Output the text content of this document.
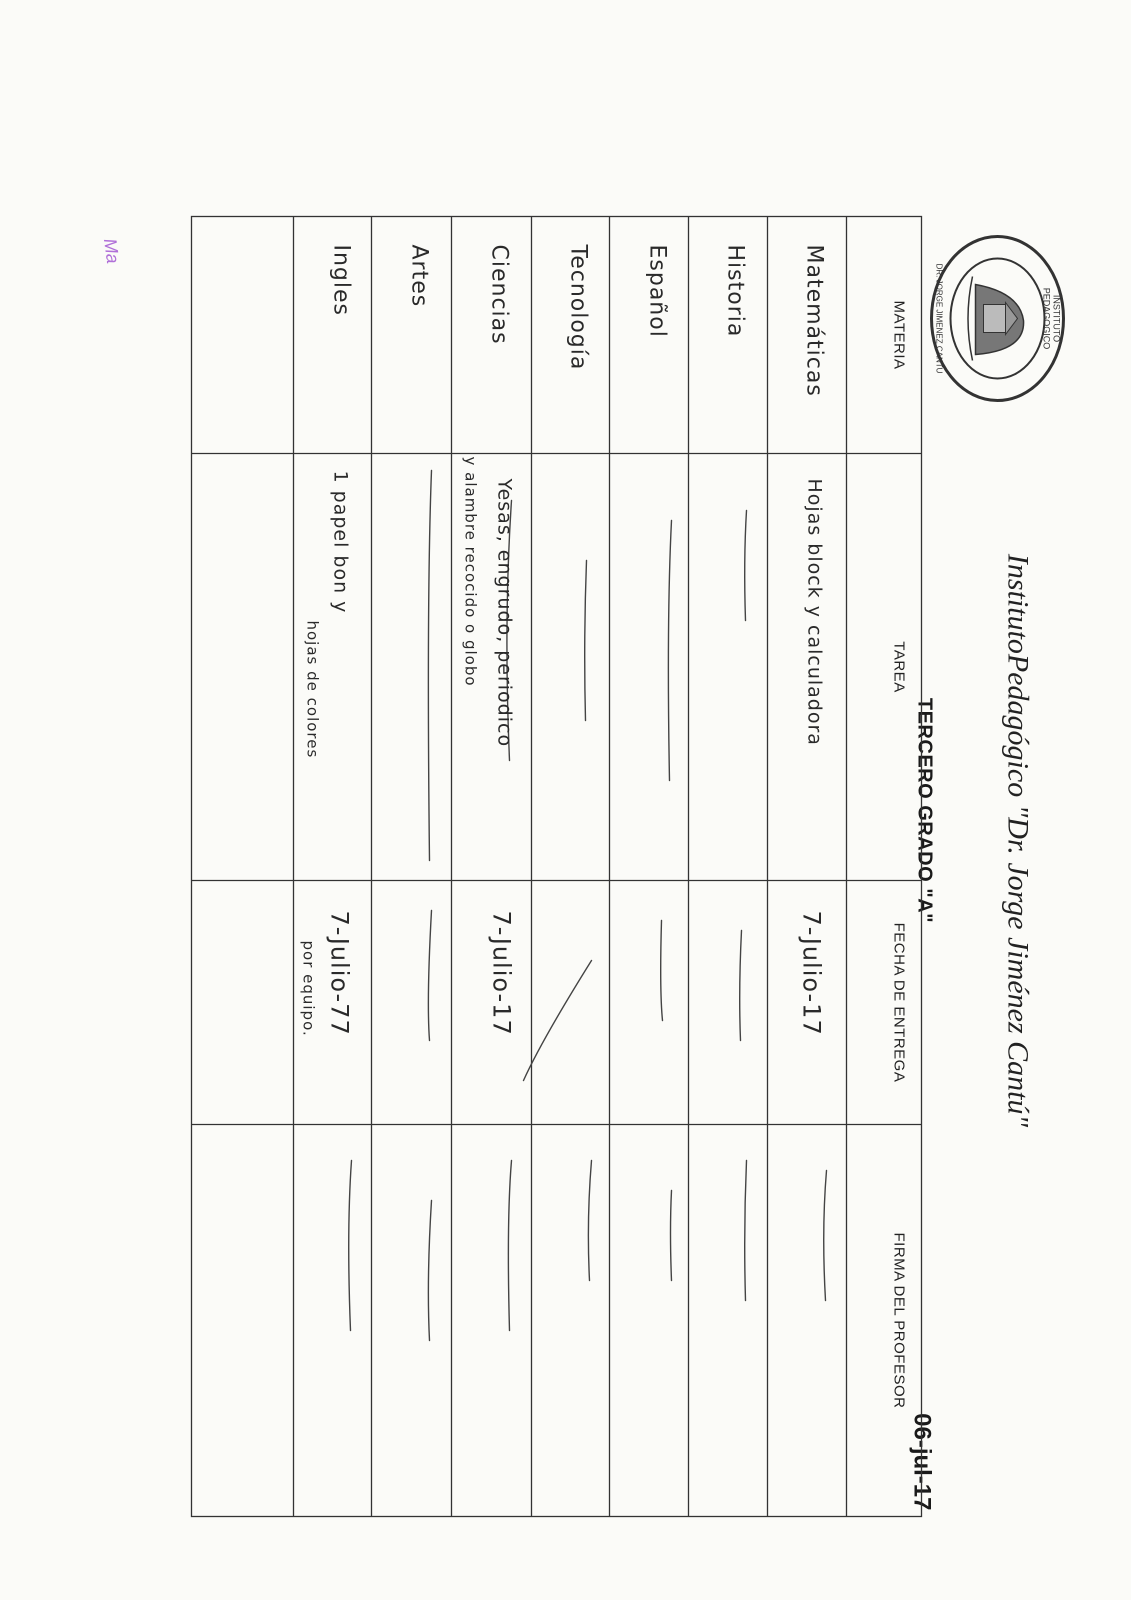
INSTITUTO PEDAGOGICO
DR. JORGE JIMENEZ CANTU
InstitutoPedagógico "Dr. Jorge Jiménez Cantú"
TERCERO GRADO "A"
06-jul-17
MATERIA
TAREA
FECHA DE ENTREGA
FIRMA DEL PROFESOR
Matemáticas
Historia
Español
Tecnología
Ciencias
Artes
Ingles
Hojas block y calculadora
Yesas, engrudo, periodico
y alambre recocido o globo
1 papel bon y
hojas de colores
7-Julio-17
7-Julio-17
7-Julio-77
por equipo.
Ma
